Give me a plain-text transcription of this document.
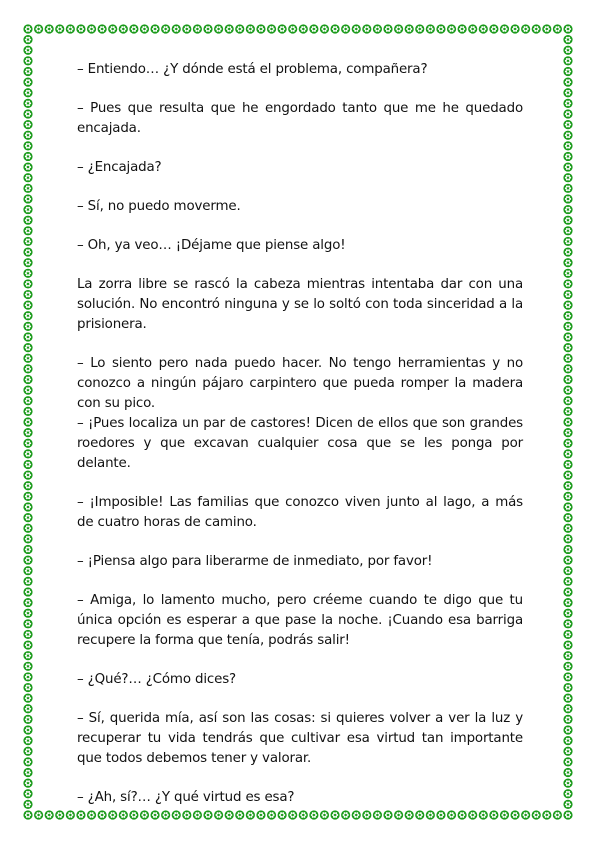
– Entiendo… ¿Y dónde está el problema, compañera?

– Pues que resulta que he engordado tanto que me he quedado encajada.

– ¿Encajada?

– Sí, no puedo moverme.

– Oh, ya veo… ¡Déjame que piense algo!

La zorra libre se rascó la cabeza mientras intentaba dar con una solución. No encontró ninguna y se lo soltó con toda sinceridad a la prisionera.

– Lo siento pero nada puedo hacer. No tengo herramientas y no conozco a ningún pájaro carpintero que pueda romper la madera con su pico.

– ¡Pues localiza un par de castores! Dicen de ellos que son grandes roedores y que excavan cualquier cosa que se les ponga por delante.

– ¡Imposible! Las familias que conozco viven junto al lago, a más de cuatro horas de camino.

– ¡Piensa algo para liberarme de inmediato, por favor!

– Amiga, lo lamento mucho, pero créeme cuando te digo que tu única opción es esperar a que pase la noche. ¡Cuando esa barriga recupere la forma que tenía, podrás salir!

– ¿Qué?… ¿Cómo dices?

– Sí, querida mía, así son las cosas: si quieres volver a ver la luz y recuperar tu vida tendrás que cultivar esa virtud tan importante que todos debemos tener y valorar.

– ¿Ah, sí?… ¿Y qué virtud es esa?
